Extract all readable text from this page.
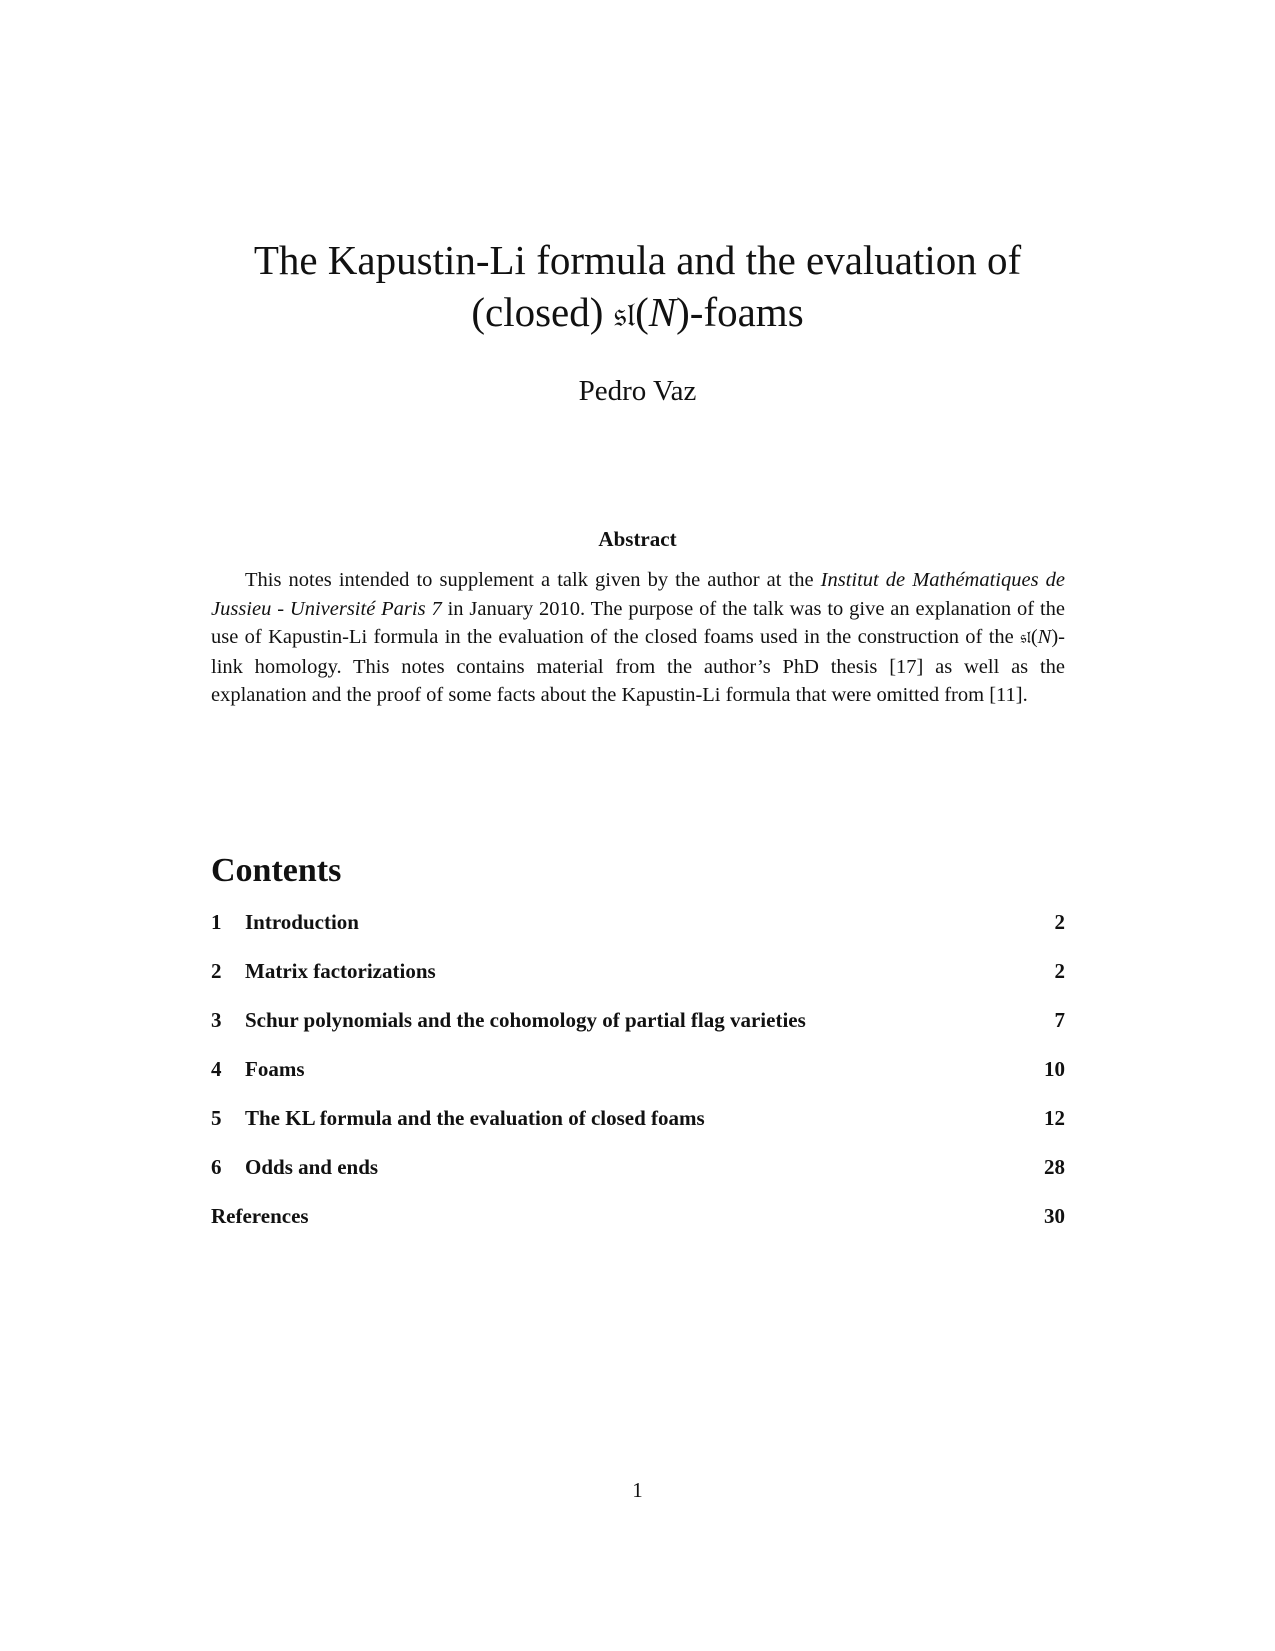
The Kapustin-Li formula and the evaluation of
(closed) 𝔰𝔩(N)-foams
Pedro Vaz
Abstract

This notes intended to supplement a talk given by the author at the Institut de Mathématiques de Jussieu - Université Paris 7 in January 2010. The purpose of the talk was to give an explanation of the use of Kapustin-Li formula in the evaluation of the closed foams used in the construction of the 𝔰𝔩(N)-link homology. This notes contains material from the author’s PhD thesis [17] as well as the explanation and the proof of some facts about the Kapustin-Li formula that were omitted from [11].

Contents
1	Introduction	2
2	Matrix factorizations	2
3	Schur polynomials and the cohomology of partial flag varieties	7
4	Foams	10
5	The KL formula and the evaluation of closed foams	12
6	Odds and ends	28
References	30
1
